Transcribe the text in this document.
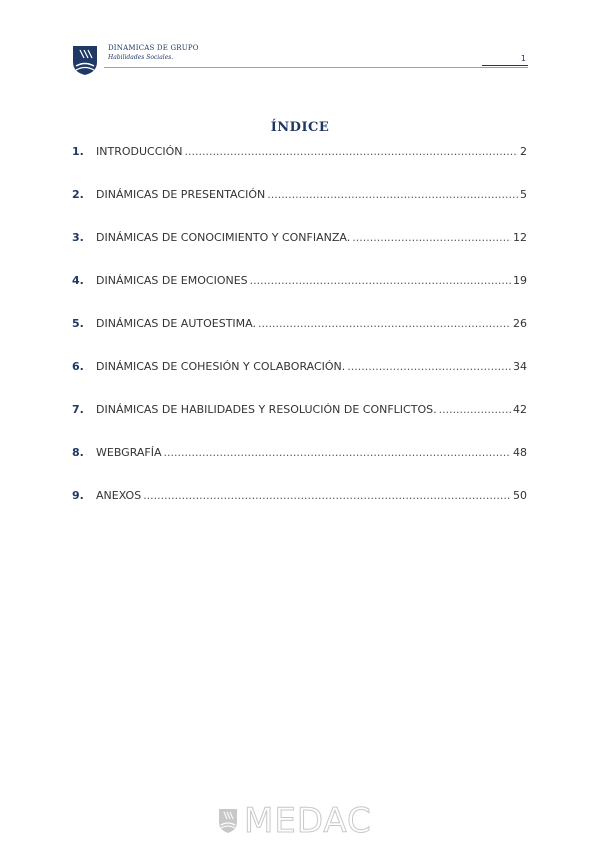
DINAMICAS DE GRUPO
Habilidades Sociales.	1
ÍNDICE
1.	INTRODUCCIÓN .....	2
2.	DINÁMICAS DE PRESENTACIÓN .....	5
3.	DINÁMICAS DE CONOCIMIENTO Y CONFIANZA. .....	12
4.	DINÁMICAS DE EMOCIONES .....	19
5.	DINÁMICAS DE AUTOESTIMA. .....	26
6.	DINÁMICAS DE COHESIÓN Y COLABORACIÓN. .....	34
7.	DINÁMICAS DE HABILIDADES Y RESOLUCIÓN DE CONFLICTOS. .....	42
8.	WEBGRAFÍA .....	48
9.	ANEXOS .....	50
MEDAC
